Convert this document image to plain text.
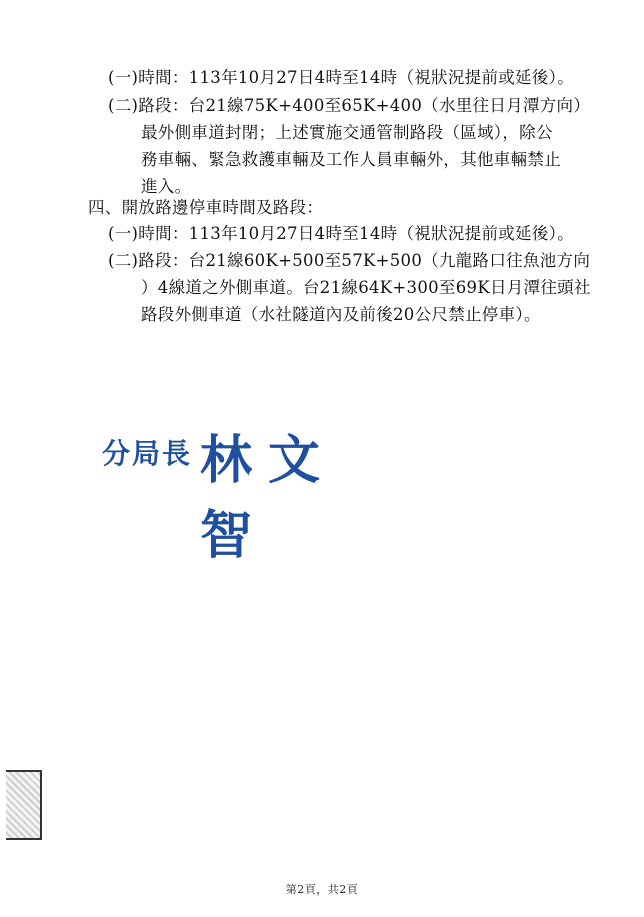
(一)時間：113年10月27日4時至14時（視狀況提前或延後）。
(二)路段：台21線75K+400至65K+400（水里往日月潭方向）
最外側車道封閉；上述實施交通管制路段（區域），除公
務車輛、緊急救護車輛及工作人員車輛外，其他車輛禁止
進入。
四、開放路邊停車時間及路段：
(一)時間：113年10月27日4時至14時（視狀況提前或延後）。
(二)路段：台21線60K+500至57K+500（九龍路口往魚池方向
）4線道之外側車道。台21線64K+300至69K日月潭往頭社
路段外側車道（水社隧道內及前後20公尺禁止停車）。
分局長 林文智
第2頁，共2頁
